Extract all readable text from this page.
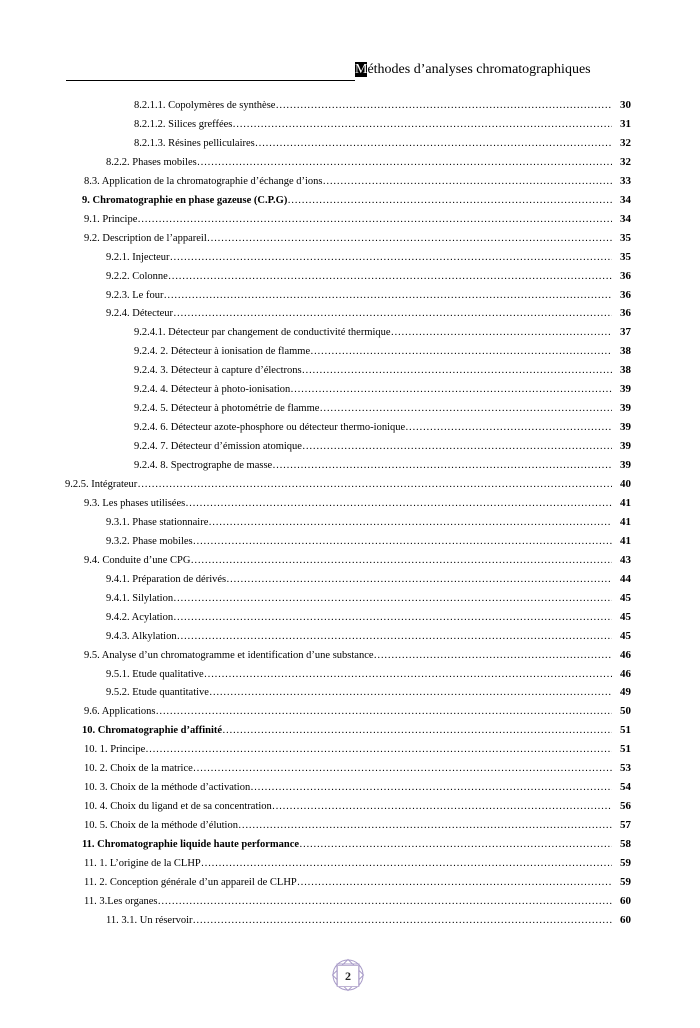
Méthodes d’analyses chromatographiques
8.2.1.1. Copolymères de synthèse …………………………………………………………………………………………………………………………………………………………………………………………………………………………………………	30
8.2.1.2. Silices greffées …………………………………………………………………………………………………………………………………………………………………………………………………………………………………………	31
8.2.1.3. Résines pelliculaires …………………………………………………………………………………………………………………………………………………………………………………………………………………………………………	32
8.2.2. Phases mobiles …………………………………………………………………………………………………………………………………………………………………………………………………………………………………………	32
8.3. Application de la chromatographie d’échange d’ions …………………………………………………………………………………………………………………………………………………………………………………………………………………………………………	33
9. Chromatographie en phase gazeuse (C.P.G) …………………………………………………………………………………………………………………………………………………………………………………………………………………………………………	34
9.1. Principe …………………………………………………………………………………………………………………………………………………………………………………………………………………………………………	34
9.2. Description de l’appareil …………………………………………………………………………………………………………………………………………………………………………………………………………………………………………	35
9.2.1. Injecteur …………………………………………………………………………………………………………………………………………………………………………………………………………………………………………	35
9.2.2. Colonne …………………………………………………………………………………………………………………………………………………………………………………………………………………………………………	36
9.2.3. Le four …………………………………………………………………………………………………………………………………………………………………………………………………………………………………………	36
9.2.4. Détecteur …………………………………………………………………………………………………………………………………………………………………………………………………………………………………………	36
9.2.4.1. Détecteur par changement de conductivité thermique …………………………………………………………………………………………………………………………………………………………………………………………………………………………………………	37
9.2.4. 2. Détecteur à ionisation de flamme …………………………………………………………………………………………………………………………………………………………………………………………………………………………………………	38
9.2.4. 3. Détecteur à capture d’électrons …………………………………………………………………………………………………………………………………………………………………………………………………………………………………………	38
9.2.4. 4. Détecteur à photo-ionisation …………………………………………………………………………………………………………………………………………………………………………………………………………………………………………	39
9.2.4. 5. Détecteur à photométrie de flamme …………………………………………………………………………………………………………………………………………………………………………………………………………………………………………	39
9.2.4. 6. Détecteur azote-phosphore ou détecteur thermo-ionique …………………………………………………………………………………………………………………………………………………………………………………………………………………………………………	39
9.2.4. 7. Détecteur d’émission atomique …………………………………………………………………………………………………………………………………………………………………………………………………………………………………………	39
9.2.4. 8. Spectrographe de masse …………………………………………………………………………………………………………………………………………………………………………………………………………………………………………	39
9.2.5. Intégrateur …………………………………………………………………………………………………………………………………………………………………………………………………………………………………………	40
9.3. Les phases utilisées …………………………………………………………………………………………………………………………………………………………………………………………………………………………………………	41
9.3.1. Phase stationnaire …………………………………………………………………………………………………………………………………………………………………………………………………………………………………………	41
9.3.2. Phase mobiles …………………………………………………………………………………………………………………………………………………………………………………………………………………………………………	41
9.4. Conduite d’une CPG …………………………………………………………………………………………………………………………………………………………………………………………………………………………………………	43
9.4.1. Préparation de dérivés …………………………………………………………………………………………………………………………………………………………………………………………………………………………………………	44
9.4.1. Silylation …………………………………………………………………………………………………………………………………………………………………………………………………………………………………………	45
9.4.2. Acylation …………………………………………………………………………………………………………………………………………………………………………………………………………………………………………	45
9.4.3. Alkylation …………………………………………………………………………………………………………………………………………………………………………………………………………………………………………	45
9.5. Analyse d’un chromatogramme et identification d’une substance …………………………………………………………………………………………………………………………………………………………………………………………………………………………………………	46
9.5.1. Etude qualitative …………………………………………………………………………………………………………………………………………………………………………………………………………………………………………	46
9.5.2. Etude quantitative …………………………………………………………………………………………………………………………………………………………………………………………………………………………………………	49
9.6. Applications …………………………………………………………………………………………………………………………………………………………………………………………………………………………………………	50
10. Chromatographie d’affinité …………………………………………………………………………………………………………………………………………………………………………………………………………………………………………	51
10. 1. Principe …………………………………………………………………………………………………………………………………………………………………………………………………………………………………………	51
10. 2. Choix de la matrice …………………………………………………………………………………………………………………………………………………………………………………………………………………………………………	53
10. 3. Choix de la méthode d’activation …………………………………………………………………………………………………………………………………………………………………………………………………………………………………………	54
10. 4. Choix du ligand et de sa concentration …………………………………………………………………………………………………………………………………………………………………………………………………………………………………………	56
10. 5. Choix de la méthode d’élution …………………………………………………………………………………………………………………………………………………………………………………………………………………………………………	57
11. Chromatographie liquide haute performance …………………………………………………………………………………………………………………………………………………………………………………………………………………………………………	58
11. 1. L’origine de la CLHP …………………………………………………………………………………………………………………………………………………………………………………………………………………………………………	59
11. 2. Conception générale d’un appareil de CLHP …………………………………………………………………………………………………………………………………………………………………………………………………………………………………………	59
11. 3.Les organes …………………………………………………………………………………………………………………………………………………………………………………………………………………………………………	60
11. 3.1. Un réservoir …………………………………………………………………………………………………………………………………………………………………………………………………………………………………………	60
2
